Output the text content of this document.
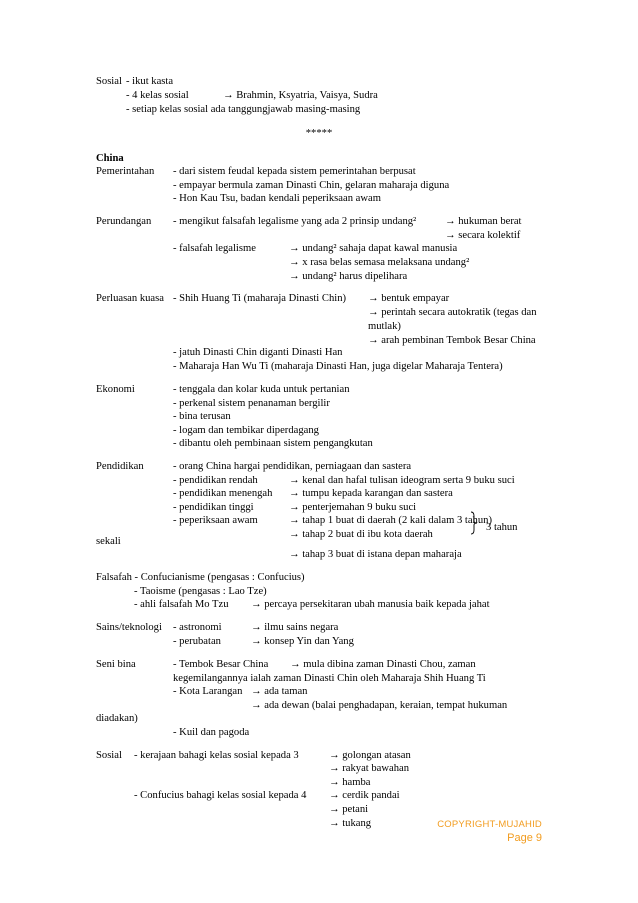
Sosial - ikut kasta
- 4 kelas sosial	→ Brahmin, Ksyatria, Vaisya, Sudra
- setiap kelas sosial ada tanggungjawab masing-masing
*****
China
Pemerintahan - dari sistem feudal kepada sistem pemerintahan berpusat
- empayar bermula zaman Dinasti Chin, gelaran maharaja diguna
- Hon Kau Tsu, badan kendali peperiksaan awam
Perundangan - mengikut falsafah legalisme yang ada 2 prinsip undang²	→ hukuman berat
→ secara kolektif
- falsafah legalisme	→ undang² sahaja dapat kawal manusia
→ x rasa belas semasa melaksana undang²
→ undang² harus dipelihara
Perluasan kuasa - Shih Huang Ti (maharaja Dinasti Chin) → bentuk empayar
→ perintah secara autokratik (tegas dan
mutlak)
→ arah pembinan Tembok Besar China
- jatuh Dinasti Chin diganti Dinasti Han
- Maharaja Han Wu Ti (maharaja Dinasti Han, juga digelar Maharaja Tentera)
Ekonomi	- tenggala dan kolar kuda untuk pertanian
- perkenal sistem penanaman bergilir
- bina terusan
- logam dan tembikar diperdagang
- dibantu oleh pembinaan sistem pengangkutan
Pendidikan	- orang China hargai pendidikan, perniagaan dan sastera
- pendidikan rendah	→ kenal dan hafal tulisan ideogram serta 9 buku suci
- pendidikan menengah → tumpu kepada karangan dan sastera
- pendidikan tinggi	→ penterjemahan 9 buku suci
- peperiksaan awam	→ tahap 1 buat di daerah (2 kali dalam 3 tahun)
→ tahap 2 buat di ibu kota daerah
3 tahun
sekali
→ tahap 3 buat di istana depan maharaja
Falsafah - Confucianisme (pengasas : Confucius)
- Taoisme (pengasas : Lao Tze)
- ahli falsafah Mo Tzu → percaya persekitaran ubah manusia baik kepada jahat
Sains/teknologi - astronomi	→ ilmu sains negara
- perubatan	→ konsep Yin dan Yang
Seni bina	- Tembok Besar China → mula dibina zaman Dinasti Chou, zaman
kegemilangannya ialah zaman Dinasti Chin oleh Maharaja Shih Huang Ti
- Kota Larangan → ada taman
→ ada dewan (balai penghadapan, keraian, tempat hukuman
diadakan)
- Kuil dan pagoda
Sosial - kerajaan bahagi kelas sosial kepada 3	→ golongan atasan
→ rakyat bawahan
→ hamba
- Confucius bahagi kelas sosial kepada 4 → cerdik pandai
→ petani
→ tukang	COPYRIGHT-MUJAHID
Page 9
